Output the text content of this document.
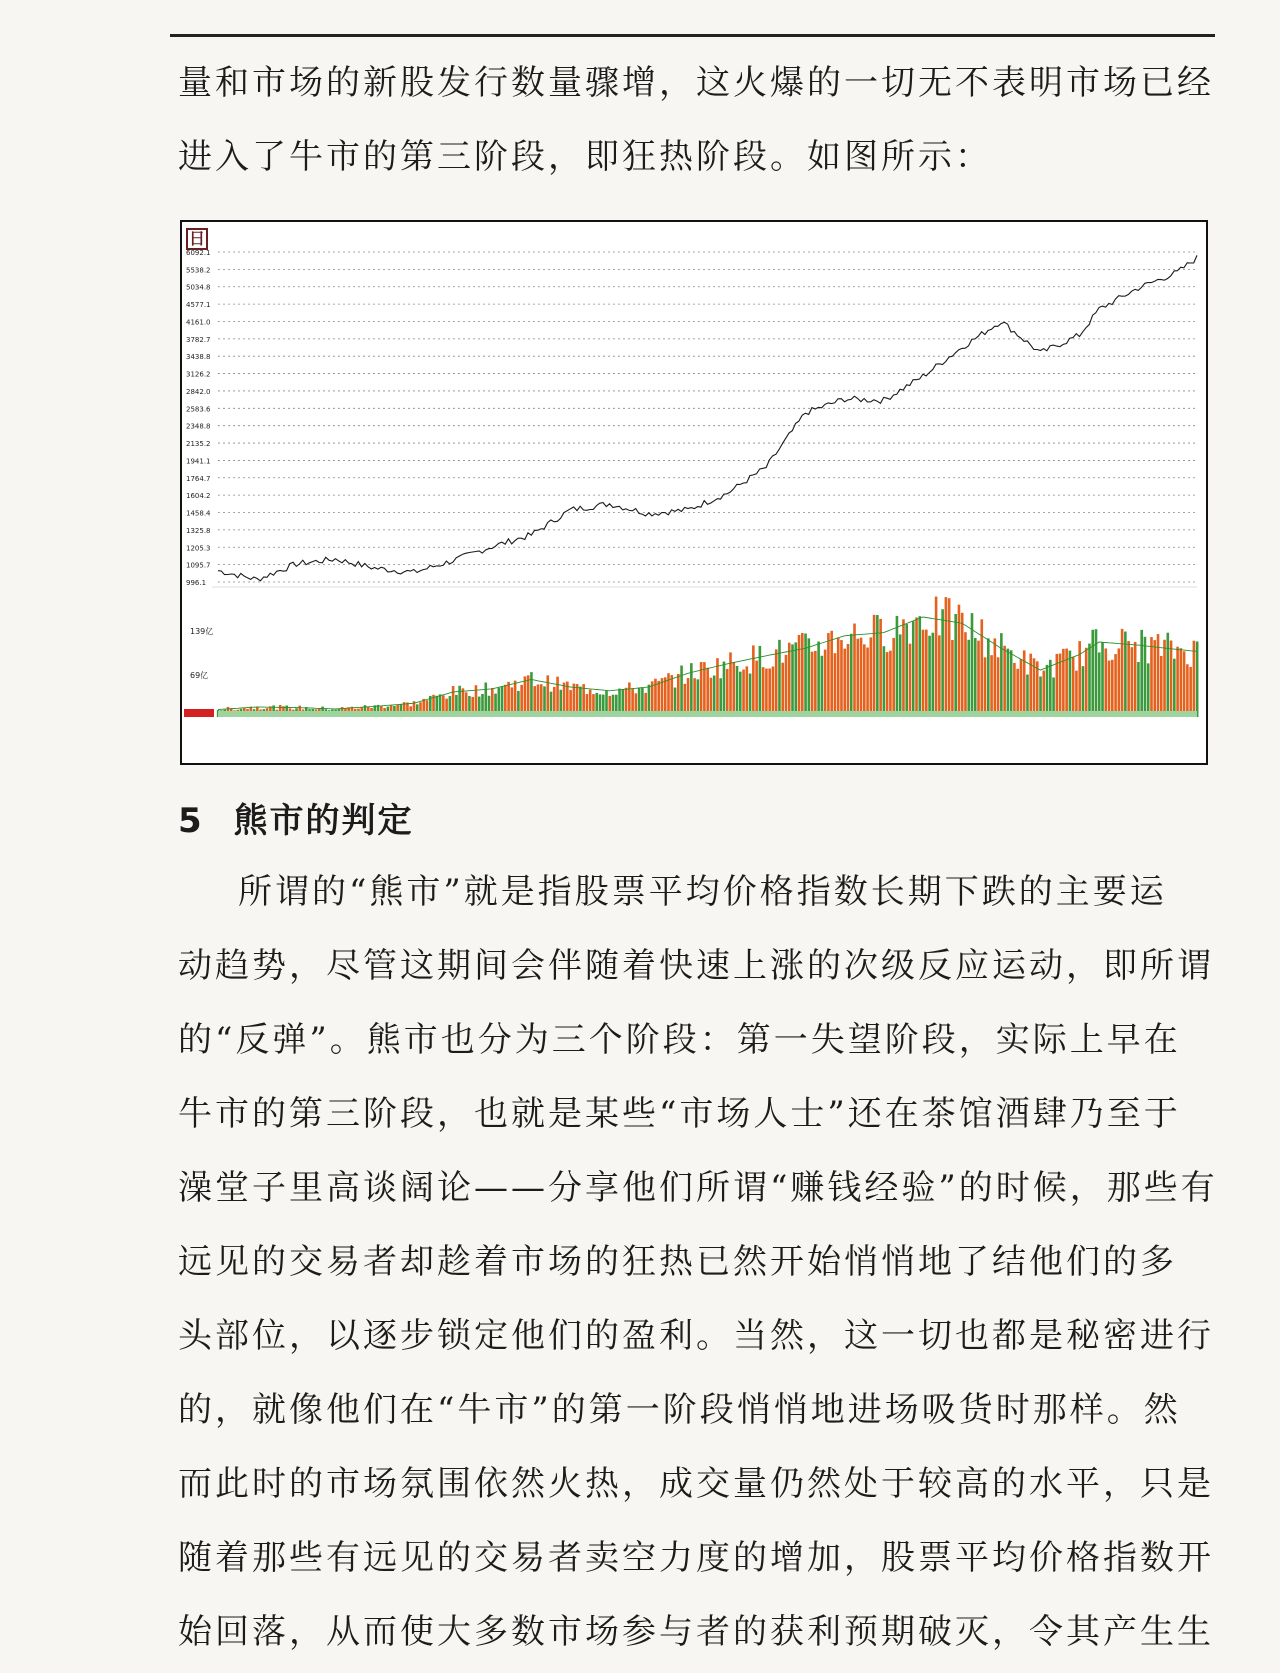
量和市场的新股发行数量骤增，这火爆的一切无不表明市场已经
进入了牛市的第三阶段，即狂热阶段。如图所示：

日
6092.1
5538.2
5034.8
4577.1
4161.0
3782.7
3438.8
3126.2
2842.0
2583.6
2348.8
2135.2
1941.1
1764.7
1604.2
1458.4
1325.8
1205.3
1095.7
996.1
139亿
69亿
5 熊市的判定

所谓的“熊市”就是指股票平均价格指数长期下跌的主要运
动趋势，尽管这期间会伴随着快速上涨的次级反应运动，即所谓
的“反弹”。熊市也分为三个阶段：第一失望阶段，实际上早在
牛市的第三阶段，也就是某些“市场人士”还在茶馆酒肆乃至于
澡堂子里高谈阔论——分享他们所谓“赚钱经验”的时候，那些有
远见的交易者却趁着市场的狂热已然开始悄悄地了结他们的多
头部位，以逐步锁定他们的盈利。当然，这一切也都是秘密进行
的，就像他们在“牛市”的第一阶段悄悄地进场吸货时那样。然
而此时的市场氛围依然火热，成交量仍然处于较高的水平，只是
随着那些有远见的交易者卖空力度的增加，股票平均价格指数开
始回落，从而使大多数市场参与者的获利预期破灭，令其产生生
